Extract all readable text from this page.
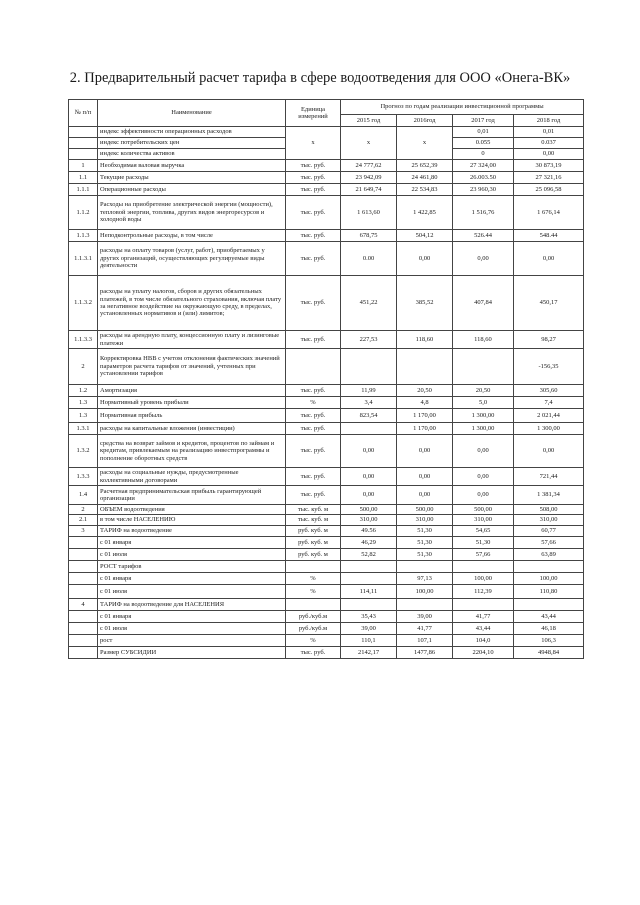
2. Предварительный расчет тарифа в сфере водоотведения для ООО «Онега-ВК»
№ п/п	Наименование	Единица измерений	Прогноз по годам реализации инвестиционной программы			
			2015 год	2016год	2017 год	2018 год
	индекс эффективности операционных расходов	х	х	х	0,01	0,01
	индекс потребительских цен				0.055	0.037
	индекс количества активов				0	0,00
1	Необходимая валовая выручка	тыс. руб.	24 777,62	25 652,39	27 324,00	30 873,19
1.1	Текущие расходы	тыс. руб.	23 942,09	24 461,80	26.003.50	27 321,16
1.1.1	Операционные расходы	тыс. руб.	21 649,74	22 534,83	23 960,30	25 096,58
1.1.2	Расходы на приобретение электрической энергии (мощности), тепловой энергии, топлива, других видов энергоресурсов и холодной воды	тыс. руб.	1 613,60	1 422,85	1 516,76	1 676,14
1.1.3	Неподконтрольные расходы, в том числе	тыс. руб.	678,75	504,12	526.44	548.44
1.1.3.1	расходы на оплату товаров (услуг, работ), приобретаемых у других организаций, осуществляющих регулируемые виды деятельности	тыс. руб.	0.00	0,00	0,00	0,00
1.1.3.2	расходы на уплату налогов, сборов и других обязательных платежей, в том числе обязательного страхования, включая плату за негативное воздействие на окружающую среду, в пределах, установленных нормативов и (или) лимитов;	тыс. руб.	451,22	385,52	407,84	450,17
1.1.3.3	расходы на арендную плату, концессионную плату и лизинговые платежи	тыс. руб.	227,53	118,60	118,60	98,27
2	Корректировка НВВ с учетом отклонения фактических значений параметров расчета тарифов от значений, учтенных при установлении тарифов					-156,35
1.2	Амортизация	тыс. руб.	11,99	20,50	20,50	305,60
1.3	Нормативный уровень прибыли	%	3,4	4,8	5,0	7,4
1.3	Нормативная прибыль	тыс. руб.	823,54	1 170,00	1 300,00	2 021,44
1.3.1	расходы на капитальные вложения (инвестиции)	тыс. руб.		1 170,00	1 300,00	1 300,00
1.3.2	средства на возврат займов и кредитов, процентов по займам и кредитам, привлекаемым на реализацию инвестпрограммы и пополнение оборотных средств	тыс. руб.	0,00	0,00	0,00	0,00
1.3.3	расходы на социальные нужды, предусмотренные коллективными договорами	тыс. руб.	0,00	0,00	0,00	721,44
1.4	Расчетная предпринимательская прибыль гарантирующей организации	тыс. руб.	0,00	0,00	0,00	1 381,34
2	ОБЪЕМ водоотведения	тыс. куб. м	500,00	500,00	500,00	508,00
2.1	в том числе НАСЕЛЕНИЮ	тыс. куб. м	310,00	310,00	310,00	310,00
3	ТАРИФ на водоотведение	руб. куб. м	49.56	51,30	54,65	60,77
	с 01 января	руб. куб. м	46,29	51,30	51,30	57,66
	с 01 июля	руб. куб. м	52,82	51,30	57,66	63,89
	РОСТ тарифов					
	с 01 января	%		97,13	100,00	100,00
	с 01 июля	%	114,11	100,00	112,39	110,80
4	ТАРИФ на водоотведение для НАСЕЛЕНИЯ					
	с 01 января	руб./куб.м	35,43	39,00	41,77	43,44
	с 01 июля	руб./куб.м	39,00	41,77	43,44	46,18
	рост	%	110,1	107,1	104,0	106,3
	Размер СУБСИДИИ	тыс. руб.	2142,17	1477,86	2204,10	4948,84
